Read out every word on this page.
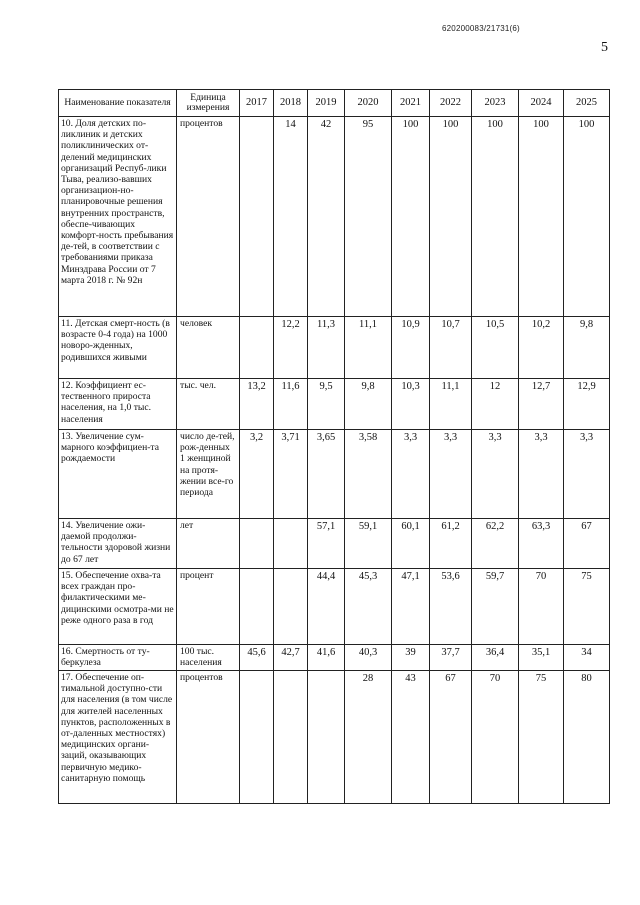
620200083/21731(6)
5
Наименование показателя	Единица измерения	2017	2018	2019	2020	2021	2022	2023	2024	2025
10. Доля детских по-ликлиник и детских поликлинических от-делений медицинских организаций Респуб-лики Тыва, реализо-вавших организацион-но-планировочные решения внутренних пространств, обеспе-чивающих комфорт-ность пребывания де-тей, в соответствии с требованиями приказа Минздрава России от 7 марта 2018 г. № 92н	процентов		14	42	95	100	100	100	100	100
11. Детская смерт-ность (в возрасте 0-4 года) на 1000 новоро-жденных, родившихся живыми	человек		12,2	11,3	11,1	10,9	10,7	10,5	10,2	9,8
12. Коэффициент ес-тественного прироста населения, на 1,0 тыс. населения	тыс. чел.	13,2	11,6	9,5	9,8	10,3	11,1	12	12,7	12,9
13. Увеличение сум-марного коэффициен-та рождаемости	число де-тей, рож-денных 1 женщиной на протя-жении все-го периода	3,2	3,71	3,65	3,58	3,3	3,3	3,3	3,3	3,3
14. Увеличение ожи-даемой продолжи-тельности здоровой жизни до 67 лет	лет			57,1	59,1	60,1	61,2	62,2	63,3	67
15. Обеспечение охва-та всех граждан про-филактическими ме-дицинскими осмотра-ми не реже одного раза в год	процент			44,4	45,3	47,1	53,6	59,7	70	75
16. Смертность от ту-беркулеза	100 тыс. населения	45,6	42,7	41,6	40,3	39	37,7	36,4	35,1	34
17. Обеспечение оп-тимальной доступно-сти для населения (в том числе для жителей населенных пунктов, расположенных в от-даленных местностях) медицинских органи-заций, оказывающих первичную медико-санитарную помощь	процентов				28	43	67	70	75	80
